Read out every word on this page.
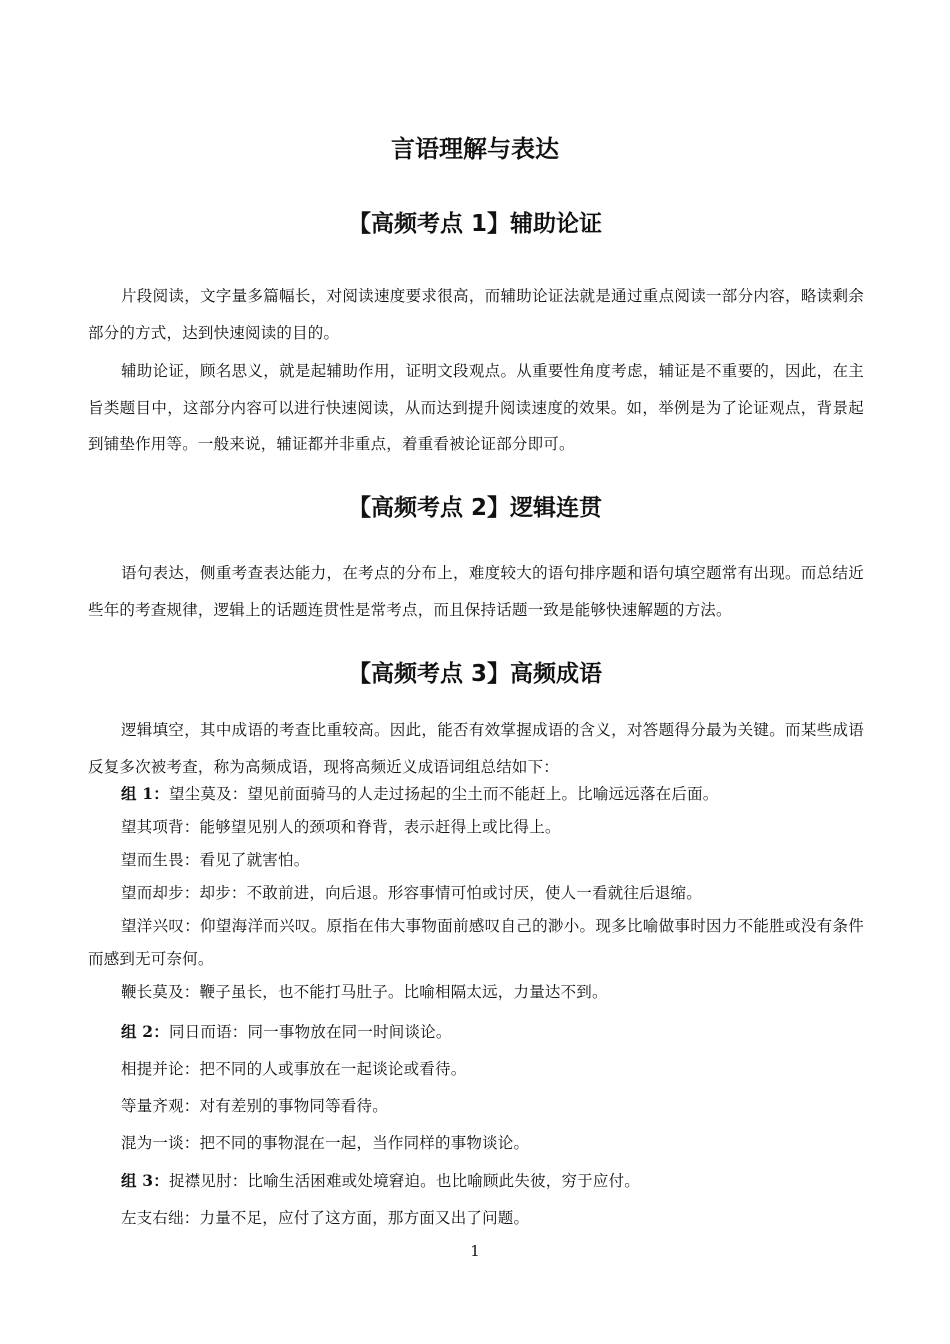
言语理解与表达
【高频考点 1】辅助论证
片段阅读，文字量多篇幅长，对阅读速度要求很高，而辅助论证法就是通过重点阅读一部分内容，略读剩余部分的方式，达到快速阅读的目的。
辅助论证，顾名思义，就是起辅助作用，证明文段观点。从重要性角度考虑，辅证是不重要的，因此，在主旨类题目中，这部分内容可以进行快速阅读，从而达到提升阅读速度的效果。如，举例是为了论证观点，背景起到铺垫作用等。一般来说，辅证都并非重点，着重看被论证部分即可。
【高频考点 2】逻辑连贯
语句表达，侧重考查表达能力，在考点的分布上，难度较大的语句排序题和语句填空题常有出现。而总结近些年的考查规律，逻辑上的话题连贯性是常考点，而且保持话题一致是能够快速解题的方法。
【高频考点 3】高频成语
逻辑填空，其中成语的考查比重较高。因此，能否有效掌握成语的含义，对答题得分最为关键。而某些成语反复多次被考查，称为高频成语，现将高频近义成语词组总结如下：

组 1：望尘莫及：望见前面骑马的人走过扬起的尘土而不能赶上。比喻远远落在后面。

望其项背：能够望见别人的颈项和脊背，表示赶得上或比得上。

望而生畏：看见了就害怕。

望而却步：却步：不敢前进，向后退。形容事情可怕或讨厌，使人一看就往后退缩。

望洋兴叹：仰望海洋而兴叹。原指在伟大事物面前感叹自己的渺小。现多比喻做事时因力不能胜或没有条件而感到无可奈何。

鞭长莫及：鞭子虽长，也不能打马肚子。比喻相隔太远，力量达不到。

组 2：同日而语：同一事物放在同一时间谈论。

相提并论：把不同的人或事放在一起谈论或看待。

等量齐观：对有差别的事物同等看待。

混为一谈：把不同的事物混在一起，当作同样的事物谈论。

组 3：捉襟见肘：比喻生活困难或处境窘迫。也比喻顾此失彼，穷于应付。

左支右绌：力量不足，应付了这方面，那方面又出了问题。

1
